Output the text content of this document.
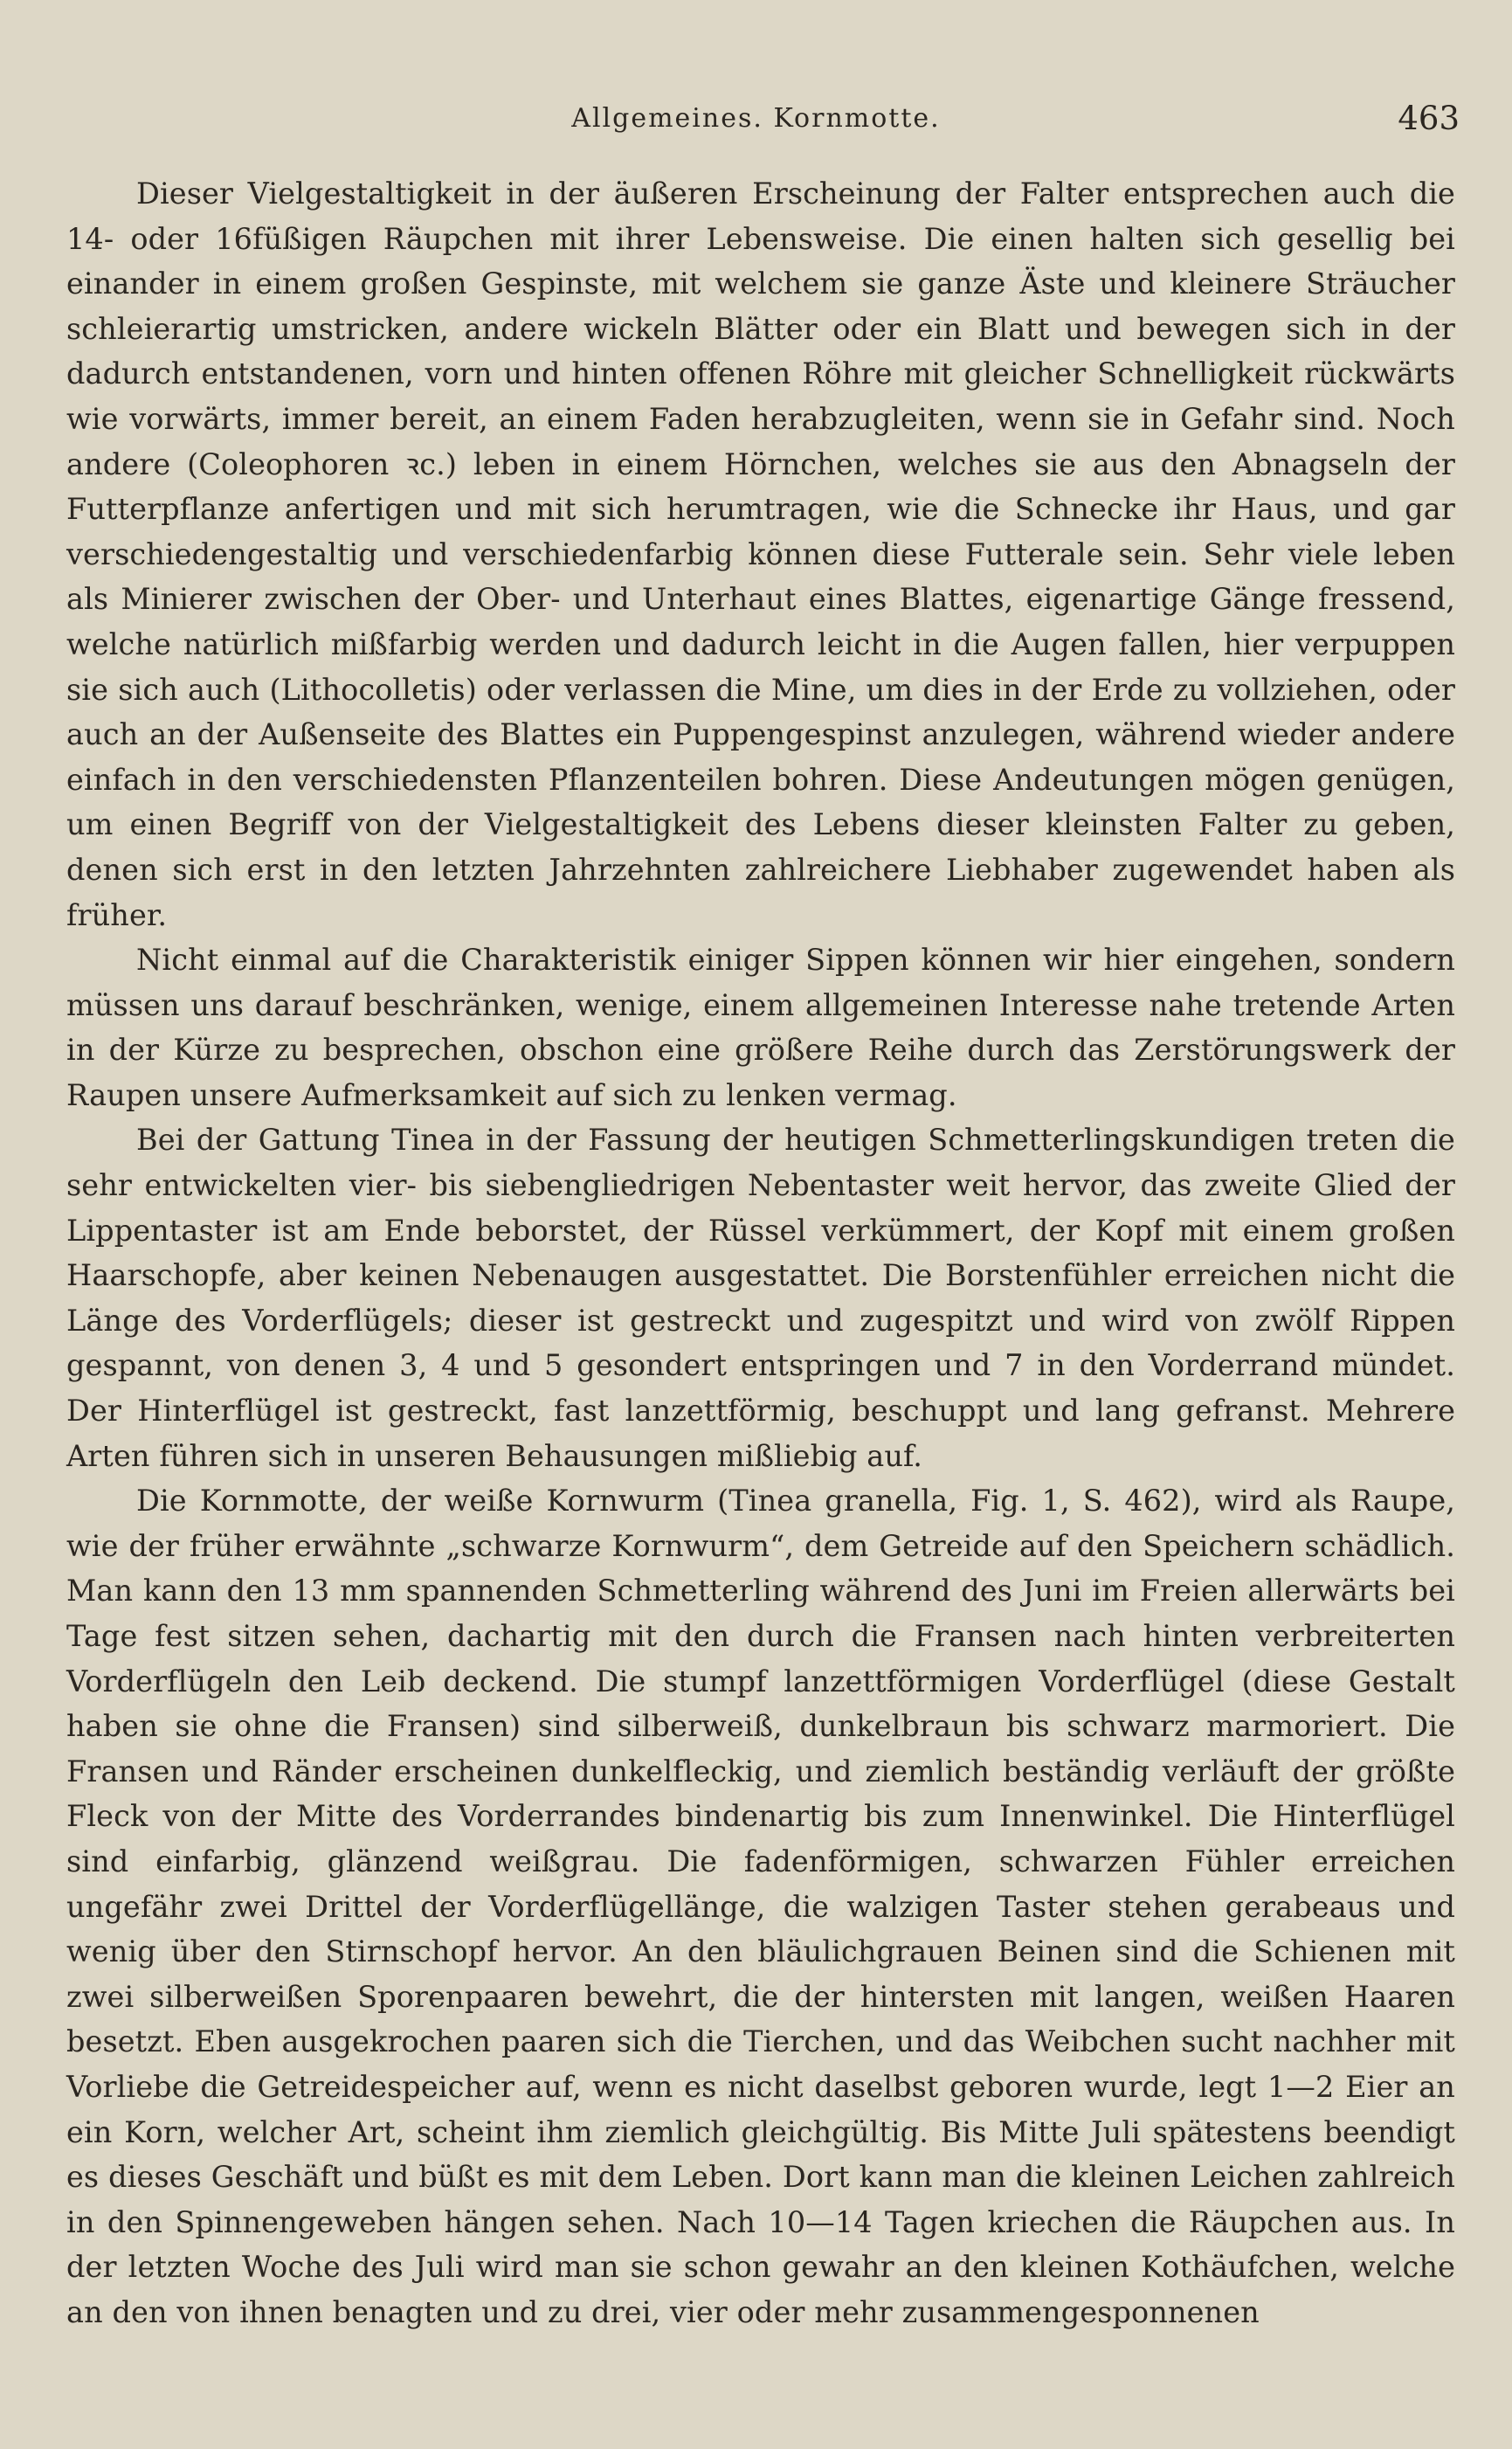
Allgemeines. Kornmotte.	463

Dieser Vielgestaltigkeit in der äußeren Erscheinung der Falter entsprechen auch die 14- oder 16füßigen Räupchen mit ihrer Lebensweise. Die einen halten sich gesellig bei einander in einem großen Gespinste, mit welchem sie ganze Äste und kleinere Sträucher schleierartig umstricken, andere wickeln Blätter oder ein Blatt und bewegen sich in der dadurch entstandenen, vorn und hinten offenen Röhre mit gleicher Schnelligkeit rückwärts wie vorwärts, immer bereit, an einem Faden herabzugleiten, wenn sie in Gefahr sind. Noch andere (Coleophoren ꝛc.) leben in einem Hörnchen, welches sie aus den Abnagseln der Futterpflanze anfertigen und mit sich herumtragen, wie die Schnecke ihr Haus, und gar verschiedengestaltig und verschiedenfarbig können diese Futterale sein. Sehr viele leben als Minierer zwischen der Ober- und Unterhaut eines Blattes, eigenartige Gänge fressend, welche natürlich mißfarbig werden und dadurch leicht in die Augen fallen, hier verpuppen sie sich auch (Lithocolletis) oder verlassen die Mine, um dies in der Erde zu vollziehen, oder auch an der Außenseite des Blattes ein Puppengespinst anzulegen, während wieder andere einfach in den verschiedensten Pflanzenteilen bohren. Diese Andeutungen mögen genügen, um einen Begriff von der Vielgestaltigkeit des Lebens dieser kleinsten Falter zu geben, denen sich erst in den letzten Jahrzehnten zahlreichere Liebhaber zugewendet haben als früher.

Nicht einmal auf die Charakteristik einiger Sippen können wir hier eingehen, sondern müssen uns darauf beschränken, wenige, einem allgemeinen Interesse nahe tretende Arten in der Kürze zu besprechen, obschon eine größere Reihe durch das Zerstörungswerk der Raupen unsere Aufmerksamkeit auf sich zu lenken vermag.

Bei der Gattung Tinea in der Fassung der heutigen Schmetterlingskundigen treten die sehr entwickelten vier- bis siebengliedrigen Nebentaster weit hervor, das zweite Glied der Lippentaster ist am Ende beborstet, der Rüssel verkümmert, der Kopf mit einem großen Haarschopfe, aber keinen Nebenaugen ausgestattet. Die Borstenfühler erreichen nicht die Länge des Vorderflügels; dieser ist gestreckt und zugespitzt und wird von zwölf Rippen gespannt, von denen 3, 4 und 5 gesondert entspringen und 7 in den Vorderrand mündet. Der Hinterflügel ist gestreckt, fast lanzettförmig, beschuppt und lang gefranst. Mehrere Arten führen sich in unseren Behausungen mißliebig auf.

Die Kornmotte, der weiße Kornwurm (Tinea granella, Fig. 1, S. 462), wird als Raupe, wie der früher erwähnte „schwarze Kornwurm“, dem Getreide auf den Speichern schädlich. Man kann den 13 mm spannenden Schmetterling während des Juni im Freien allerwärts bei Tage fest sitzen sehen, dachartig mit den durch die Fransen nach hinten verbreiterten Vorderflügeln den Leib deckend. Die stumpf lanzettförmigen Vorderflügel (diese Gestalt haben sie ohne die Fransen) sind silberweiß, dunkelbraun bis schwarz marmoriert. Die Fransen und Ränder erscheinen dunkelfleckig, und ziemlich beständig verläuft der größte Fleck von der Mitte des Vorderrandes bindenartig bis zum Innenwinkel. Die Hinterflügel sind einfarbig, glänzend weißgrau. Die fadenförmigen, schwarzen Fühler erreichen ungefähr zwei Drittel der Vorderflügellänge, die walzigen Taster stehen gerabeaus und wenig über den Stirnschopf hervor. An den bläulichgrauen Beinen sind die Schienen mit zwei silberweißen Sporenpaaren bewehrt, die der hintersten mit langen, weißen Haaren besetzt. Eben ausgekrochen paaren sich die Tierchen, und das Weibchen sucht nachher mit Vorliebe die Getreidespeicher auf, wenn es nicht daselbst geboren wurde, legt 1—2 Eier an ein Korn, welcher Art, scheint ihm ziemlich gleichgültig. Bis Mitte Juli spätestens beendigt es dieses Geschäft und büßt es mit dem Leben. Dort kann man die kleinen Leichen zahlreich in den Spinnengeweben hängen sehen. Nach 10—14 Tagen kriechen die Räupchen aus. In der letzten Woche des Juli wird man sie schon gewahr an den kleinen Kothäufchen, welche an den von ihnen benagten und zu drei, vier oder mehr zusammengesponnenen
